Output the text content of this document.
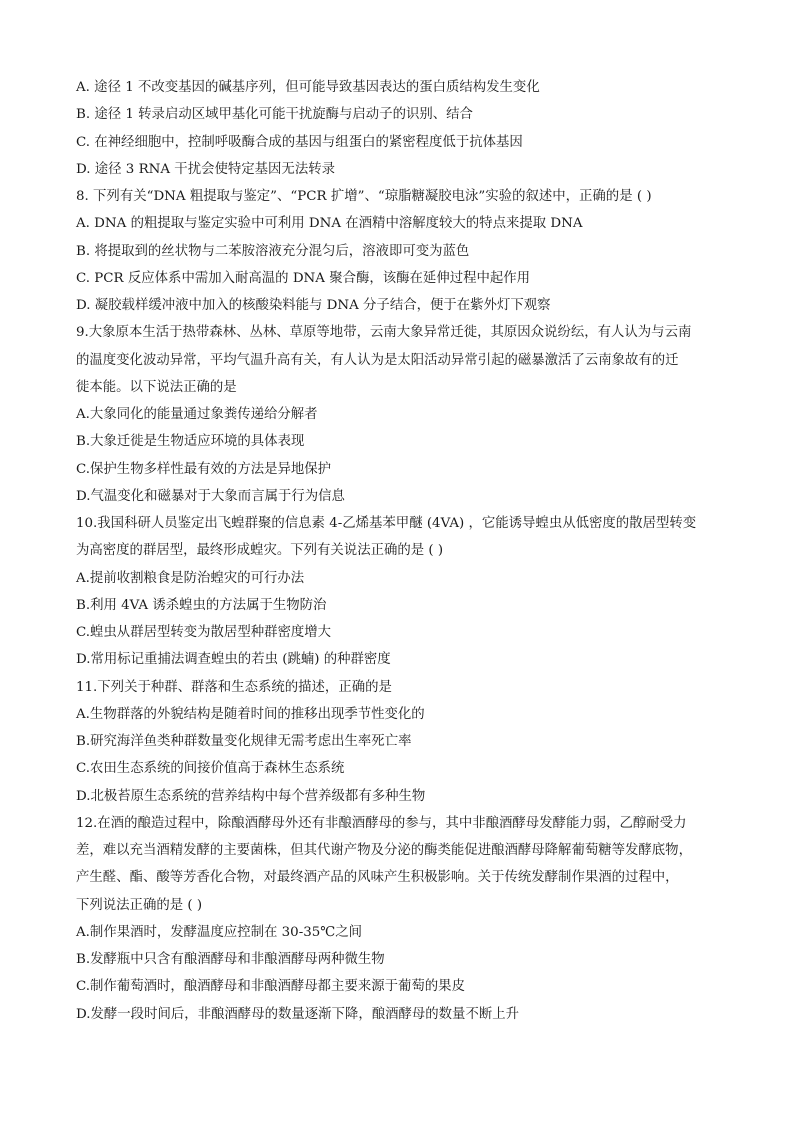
A. 途径 1 不改变基因的碱基序列，但可能导致基因表达的蛋白质结构发生变化
B. 途径 1 转录启动区域甲基化可能干扰旋酶与启动子的识别、结合
C. 在神经细胞中，控制呼吸酶合成的基因与组蛋白的紧密程度低于抗体基因
D. 途径 3 RNA 干扰会使特定基因无法转录
8. 下列有关“DNA 粗提取与鉴定”、“PCR 扩增”、“琼脂糖凝胶电泳”实验的叙述中，正确的是 ( )
A. DNA 的粗提取与鉴定实验中可利用 DNA 在酒精中溶解度较大的特点来提取 DNA
B. 将提取到的丝状物与二苯胺溶液充分混匀后，溶液即可变为蓝色
C. PCR 反应体系中需加入耐高温的 DNA 聚合酶，该酶在延伸过程中起作用
D. 凝胶载样缓冲液中加入的核酸染料能与 DNA 分子结合，便于在紫外灯下观察
9.大象原本生活于热带森林、丛林、草原等地带，云南大象异常迁徙，其原因众说纷纭，有人认为与云南
的温度变化波动异常，平均气温升高有关，有人认为是太阳活动异常引起的磁暴激活了云南象故有的迁
徙本能。以下说法正确的是
A.大象同化的能量通过象粪传递给分解者
B.大象迁徙是生物适应环境的具体表现
C.保护生物多样性最有效的方法是异地保护
D.气温变化和磁暴对于大象而言属于行为信息
10.我国科研人员鉴定出飞蝗群聚的信息素 4-乙烯基苯甲醚 (4VA) ，它能诱导蝗虫从低密度的散居型转变
为高密度的群居型，最终形成蝗灾。下列有关说法正确的是 ( )
A.提前收割粮食是防治蝗灾的可行办法
B.利用 4VA 诱杀蝗虫的方法属于生物防治
C.蝗虫从群居型转变为散居型种群密度增大
D.常用标记重捕法调查蝗虫的若虫 (跳蝻) 的种群密度
11.下列关于种群、群落和生态系统的描述，正确的是
A.生物群落的外貌结构是随着时间的推移出现季节性变化的
B.研究海洋鱼类种群数量变化规律无需考虑出生率死亡率
C.农田生态系统的间接价值高于森林生态系统
D.北极苔原生态系统的营养结构中每个营养级都有多种生物
12.在酒的酿造过程中，除酿酒酵母外还有非酿酒酵母的参与，其中非酿酒酵母发酵能力弱，乙醇耐受力
差，难以充当酒精发酵的主要菌株，但其代谢产物及分泌的酶类能促进酿酒酵母降解葡萄糖等发酵底物，
产生醛、酯、酸等芳香化合物，对最终酒产品的风味产生积极影响。关于传统发酵制作果酒的过程中，
下列说法正确的是 ( )
A.制作果酒时，发酵温度应控制在 30-35℃之间
B.发酵瓶中只含有酿酒酵母和非酿酒酵母两种微生物
C.制作葡萄酒时，酿酒酵母和非酿酒酵母都主要来源于葡萄的果皮
D.发酵一段时间后，非酿酒酵母的数量逐渐下降，酿酒酵母的数量不断上升
